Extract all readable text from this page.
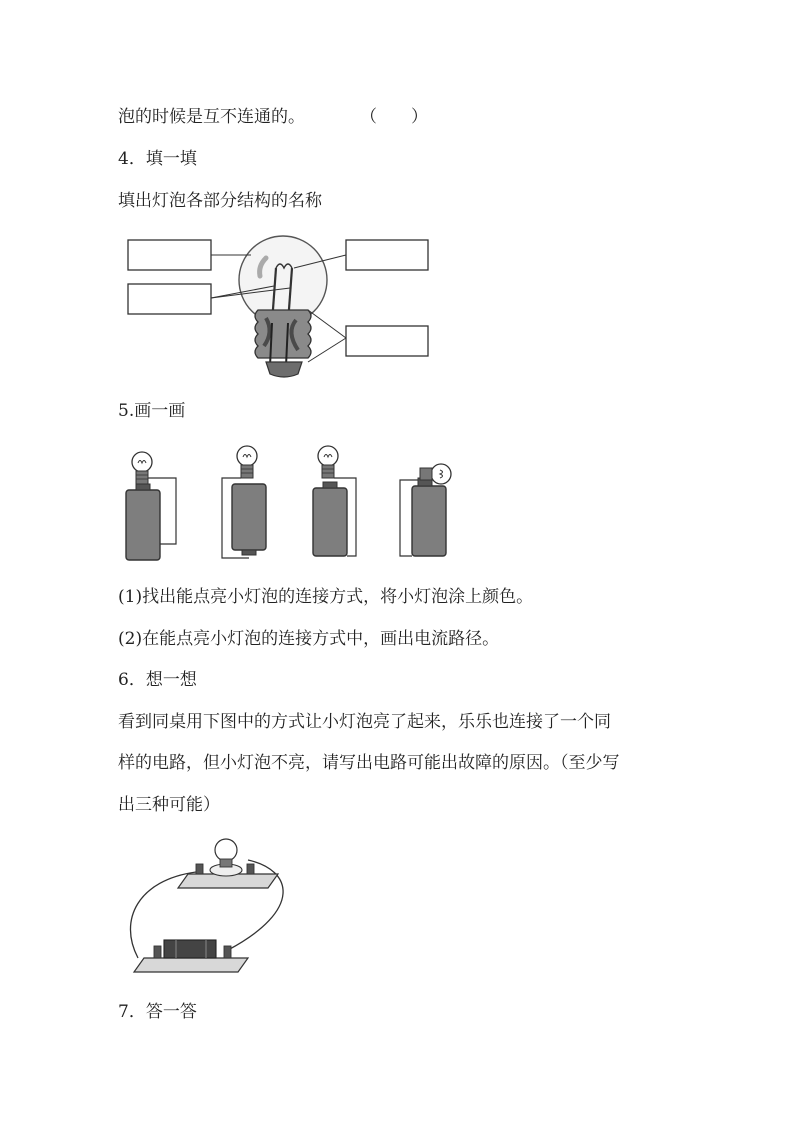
泡的时候是互不连通的。	（　　）
4．填一填
填出灯泡各部分结构的名称
5.画一画
(1)找出能点亮小灯泡的连接方式，将小灯泡涂上颜色。
(2)在能点亮小灯泡的连接方式中，画出电流路径。
6．想一想
看到同桌用下图中的方式让小灯泡亮了起来，乐乐也连接了一个同
样的电路，但小灯泡不亮，请写出电路可能出故障的原因。（至少写
出三种可能）
7．答一答
